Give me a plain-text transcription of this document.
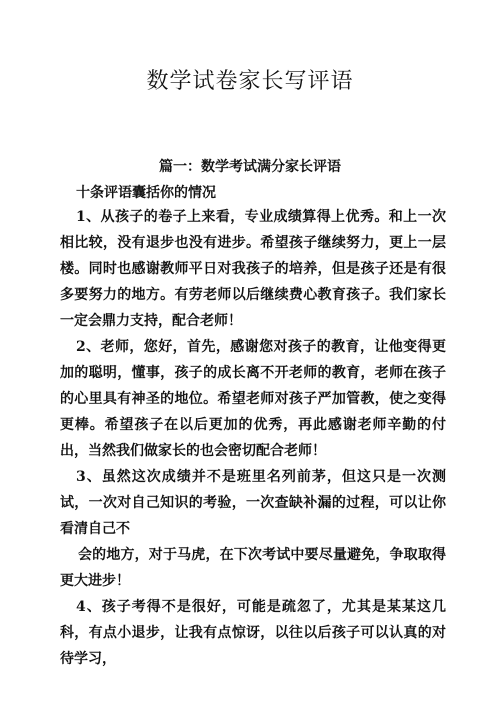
数学试卷家长写评语
篇一：数学考试满分家长评语
十条评语囊括你的情况

1、从孩子的卷子上来看，专业成绩算得上优秀。和上一次相比较，没有退步也没有进步。希望孩子继续努力，更上一层楼。同时也感谢教师平日对我孩子的培养，但是孩子还是有很多要努力的地方。有劳老师以后继续费心教育孩子。我们家长一定会鼎力支持，配合老师！

2、老师，您好，首先，感谢您对孩子的教育，让他变得更加的聪明，懂事，孩子的成长离不开老师的教育，老师在孩子的心里具有神圣的地位。希望老师对孩子严加管教，使之变得更棒。希望孩子在以后更加的优秀，再此感谢老师辛勤的付出，当然我们做家长的也会密切配合老师！

3、虽然这次成绩并不是班里名列前茅，但这只是一次测试，一次对自己知识的考验，一次查缺补漏的过程，可以让你看清自己不

会的地方，对于马虎，在下次考试中要尽量避免，争取取得更大进步！

4、孩子考得不是很好，可能是疏忽了，尤其是某某这几科，有点小退步，让我有点惊讶，以往以后孩子可以认真的对待学习，
